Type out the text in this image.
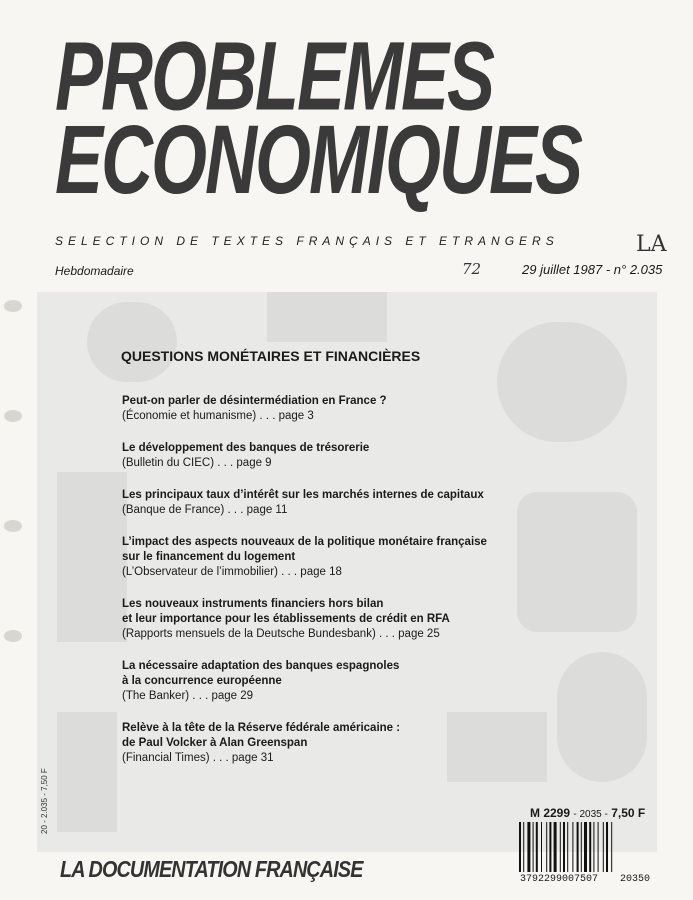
PROBLEMES
ECONOMIQUES
SELECTION DE TEXTES FRANÇAIS ET ETRANGERS
Hebdomadaire	72	29 juillet 1987 - n° 2.035
LA
QUESTIONS MONÉTAIRES ET FINANCIÈRES
Peut-on parler de désintermédiation en France ?
(Économie et humanisme) . . . page 3
Le développement des banques de trésorerie
(Bulletin du CIEC) . . . page 9
Les principaux taux d’intérêt sur les marchés internes de capitaux
(Banque de France) . . . page 11
L’impact des aspects nouveaux de la politique monétaire française
sur le financement du logement
(L’Observateur de l’immobilier) . . . page 18
Les nouveaux instruments financiers hors bilan
et leur importance pour les établissements de crédit en RFA
(Rapports mensuels de la Deutsche Bundesbank) . . . page 25
La nécessaire adaptation des banques espagnoles
à la concurrence européenne
(The Banker) . . . page 29
Relève à la tête de la Réserve fédérale américaine :
de Paul Volcker à Alan Greenspan
(Financial Times) . . . page 31
20 - 2.035 - 7,50 F
LA DOCUMENTATION FRANÇAISE
M 2299 - 2035 - 7,50 F
3792299007507 20350
